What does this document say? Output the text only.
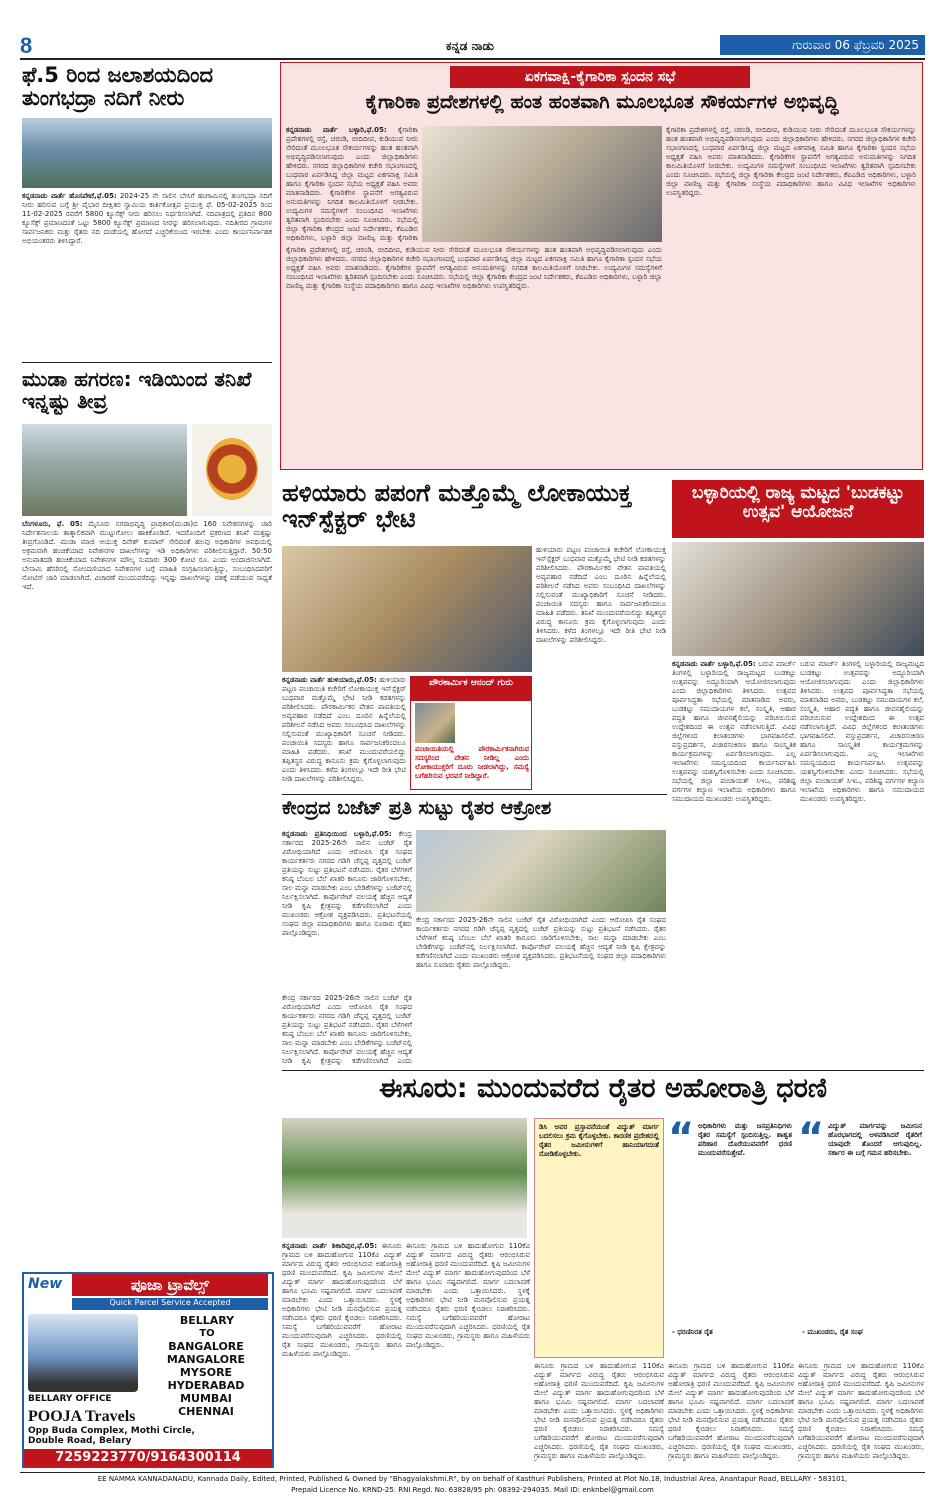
8	ಕನ್ನಡ ನಾಡು	ಗುರುವಾರ 06 ಫೆಬ್ರವರಿ 2025
ಫೆ.5 ರಿಂದ ಜಲಾಶಯದಿಂದ ತುಂಗಭದ್ರಾ ನದಿಗೆ ನೀರು
ಕನ್ನಡನಾಡು ವಾರ್ತೆ ಹೊಸಪೇಟೆ,ಫೆ.05: 2024-25 ನೇ ಸಾಲಿನ ಬೇಸಿಗೆ ಹಂಗಾಮಿನಲ್ಲಿ ತುಂಗಭದ್ರಾ ನದಿಗೆ ನೀರು ಹರಿಸುವ ಬಗ್ಗೆ ಶ್ರೀ ವೈಭಾರ ದೀಕ್ಷಿತರ ಸ್ವಾಮಿಯ ಕಾರ್ತಿಕೋತ್ಸವ ಪ್ರಯುಕ್ತ ಫೆ. 05-02-2025 ರಿಂದ 11-02-2025 ರವರೆಗೆ 5800 ಕ್ಯೂಸೆಕ್ಸ್ ನೀರು ಹರಿಸಲು ನಿರ್ಧರಿಸಲಾಗಿದೆ. ನದಿಪಾತ್ರದಲ್ಲಿ ಪ್ರತಿದಿನ 800 ಕ್ಯೂಸೆಕ್ಸ್ ಪ್ರಮಾಣದಂತೆ ಒಟ್ಟು 5800 ಕ್ಯೂಸೆಕ್ಸ್ ಪ್ರಮಾಣದ ನೀರನ್ನು ಹರಿಸಲಾಗುವುದು. ನದಿತೀರದ ಗ್ರಾಮಗಳ ಸಾರ್ವಜನಿಕರು ಮತ್ತು ರೈತರು ನದಿ ದಂಡೆಯಲ್ಲಿ ಹೋಗದೆ ಎಚ್ಚರಿಕೆಯಿಂದ ಇರಬೇಕು ಎಂದು ಕಾರ್ಯನಿರ್ವಾಹಕ ಅಭಿಯಂತರರು ತಿಳಿಸಿದ್ದಾರೆ.
ಮುಡಾ ಹಗರಣ: ಇಡಿಯಿಂದ ತನಿಖೆ ಇನ್ನಷ್ಟು ತೀವ್ರ
ಬೆಂಗಳೂರು, ಫೆ. 05: ಮೈಸೂರು ನಗರಾಭಿವೃದ್ಧಿ ಪ್ರಾಧಿಕಾರ(ಮುಡಾ)ದ 160 ನಿವೇಶನಗಳನ್ನು ಜಾರಿ ನಿರ್ದೇಶನಾಲಯ ತಾತ್ಕಾಲಿಕವಾಗಿ ಮುಟ್ಟುಗೋಲು ಹಾಕಿಕೊಂಡಿದೆ. ಇದರೊಂದಿಗೆ ಪ್ರಕರಣದ ತನಿಖೆ ಮತ್ತಷ್ಟು ತೀವ್ರಗೊಂಡಿದೆ. ಮುಡಾ ಮಾಜಿ ಆಯುಕ್ತ ದಿನೇಶ್ ಕುಮಾರ್ ಸೇರಿದಂತೆ ಹಲವು ಅಧಿಕಾರಿಗಳ ಅವಧಿಯಲ್ಲಿ ಅಕ್ರಮವಾಗಿ ಹಂಚಿಕೆಯಾದ ನಿವೇಶನಗಳ ದಾಖಲೆಗಳನ್ನು ಇಡಿ ಅಧಿಕಾರಿಗಳು ಪರಿಶೀಲಿಸುತ್ತಿದ್ದಾರೆ. 50:50 ಅನುಪಾತದಡಿ ಹಂಚಿಕೆಯಾದ ನಿವೇಶನಗಳ ಮೌಲ್ಯ ಸುಮಾರು 300 ಕೋಟಿ ರೂ. ಎಂದು ಅಂದಾಜಿಸಲಾಗಿದೆ. ಬೇನಾಮಿ ಹೆಸರಿನಲ್ಲಿ ನೋಂದಣಿಯಾದ ನಿವೇಶನಗಳ ಬಗ್ಗೆ ಮಾಹಿತಿ ಸಂಗ್ರಹಿಸಲಾಗುತ್ತಿದ್ದು, ಸಂಬಂಧಿಸಿದವರಿಗೆ ನೋಟಿಸ್ ಜಾರಿ ಮಾಡಲಾಗಿದೆ. ವಿಚಾರಣೆ ಮುಂದುವರೆದಿದ್ದು ಇನ್ನಷ್ಟು ದಾಖಲೆಗಳನ್ನು ವಶಕ್ಕೆ ಪಡೆಯುವ ಸಾಧ್ಯತೆ ಇದೆ.
New	ಪೂಜಾ ಟ್ರಾವೆಲ್ಸ್
Quick Parcel Service Accepted
BELLARY
TO
BANGALORE
MANGALORE
MYSORE
HYDERABAD
MUMBAI
CHENNAI
BELLARY OFFICE
POOJA Travels
Opp Buda Complex, Mothi Circle,
Double Road, Belary
7259223770/9164300114
ಏಕಗವಾಕ್ಷಿ-ಕೈಗಾರಿಕಾ ಸ್ಪಂದನ ಸಭೆ
ಕೈಗಾರಿಕಾ ಪ್ರದೇಶಗಳಲ್ಲಿ ಹಂತ ಹಂತವಾಗಿ ಮೂಲಭೂತ ಸೌಕರ್ಯಗಳ ಅಭಿವೃದ್ಧಿ
ಕನ್ನಡನಾಡು ವಾರ್ತೆ ಬಳ್ಳಾರಿ,ಫೆ.05: ಕೈಗಾರಿಕಾ ಪ್ರದೇಶಗಳಲ್ಲಿ ರಸ್ತೆ, ಚರಂಡಿ, ಬೀದಿದೀಪ, ಕುಡಿಯುವ ನೀರು ಸೇರಿದಂತೆ ಮೂಲಭೂತ ಸೌಕರ್ಯಗಳನ್ನು ಹಂತ ಹಂತವಾಗಿ ಅಭಿವೃದ್ಧಿಪಡಿಸಲಾಗುವುದು ಎಂದು ಜಿಲ್ಲಾಧಿಕಾರಿಗಳು ಹೇಳಿದರು. ನಗರದ ಜಿಲ್ಲಾಧಿಕಾರಿಗಳ ಕಚೇರಿ ಸಭಾಂಗಣದಲ್ಲಿ ಬುಧವಾರ ಏರ್ಪಡಿಸಿದ್ದ ಜಿಲ್ಲಾ ಮಟ್ಟದ ಏಕಗವಾಕ್ಷಿ ಸಮಿತಿ ಹಾಗೂ ಕೈಗಾರಿಕಾ ಸ್ಪಂದನ ಸಭೆಯ ಅಧ್ಯಕ್ಷತೆ ವಹಿಸಿ ಅವರು ಮಾತನಾಡಿದರು. ಕೈಗಾರಿಕೆಗಳ ಸ್ಥಾಪನೆಗೆ ಅಗತ್ಯವಿರುವ ಅನುಮತಿಗಳನ್ನು ನಿಗದಿತ ಕಾಲಮಿತಿಯೊಳಗೆ ನೀಡಬೇಕು. ಉದ್ಯಮಿಗಳ ಸಮಸ್ಯೆಗಳಿಗೆ ಸಂಬಂಧಿಸಿದ ಇಲಾಖೆಗಳು ತ್ವರಿತವಾಗಿ ಸ್ಪಂದಿಸಬೇಕು ಎಂದು ಸೂಚಿಸಿದರು. ಸಭೆಯಲ್ಲಿ ಜಿಲ್ಲಾ ಕೈಗಾರಿಕಾ ಕೇಂದ್ರದ ಜಂಟಿ ನಿರ್ದೇಶಕರು, ಕೆಐಎಡಿಬಿ ಅಧಿಕಾರಿಗಳು, ಬಳ್ಳಾರಿ ಜಿಲ್ಲಾ ವಾಣಿಜ್ಯ ಮತ್ತು ಕೈಗಾರಿಕಾ
ಕೈಗಾರಿಕಾ ಪ್ರದೇಶಗಳಲ್ಲಿ ರಸ್ತೆ, ಚರಂಡಿ, ಬೀದಿದೀಪ, ಕುಡಿಯುವ ನೀರು ಸೇರಿದಂತೆ ಮೂಲಭೂತ ಸೌಕರ್ಯಗಳನ್ನು ಹಂತ ಹಂತವಾಗಿ ಅಭಿವೃದ್ಧಿಪಡಿಸಲಾಗುವುದು ಎಂದು ಜಿಲ್ಲಾಧಿಕಾರಿಗಳು ಹೇಳಿದರು. ನಗರದ ಜಿಲ್ಲಾಧಿಕಾರಿಗಳ ಕಚೇರಿ ಸಭಾಂಗಣದಲ್ಲಿ ಬುಧವಾರ ಏರ್ಪಡಿಸಿದ್ದ ಜಿಲ್ಲಾ ಮಟ್ಟದ ಏಕಗವಾಕ್ಷಿ ಸಮಿತಿ ಹಾಗೂ ಕೈಗಾರಿಕಾ ಸ್ಪಂದನ ಸಭೆಯ ಅಧ್ಯಕ್ಷತೆ ವಹಿಸಿ ಅವರು ಮಾತನಾಡಿದರು. ಕೈಗಾರಿಕೆಗಳ ಸ್ಥಾಪನೆಗೆ ಅಗತ್ಯವಿರುವ ಅನುಮತಿಗಳನ್ನು ನಿಗದಿತ ಕಾಲಮಿತಿಯೊಳಗೆ ನೀಡಬೇಕು. ಉದ್ಯಮಿಗಳ ಸಮಸ್ಯೆಗಳಿಗೆ ಸಂಬಂಧಿಸಿದ ಇಲಾಖೆಗಳು ತ್ವರಿತವಾಗಿ ಸ್ಪಂದಿಸಬೇಕು ಎಂದು ಸೂಚಿಸಿದರು. ಸಭೆಯಲ್ಲಿ ಜಿಲ್ಲಾ ಕೈಗಾರಿಕಾ ಕೇಂದ್ರದ ಜಂಟಿ ನಿರ್ದೇಶಕರು, ಕೆಐಎಡಿಬಿ ಅಧಿಕಾರಿಗಳು, ಬಳ್ಳಾರಿ ಜಿಲ್ಲಾ ವಾಣಿಜ್ಯ ಮತ್ತು ಕೈಗಾರಿಕಾ ಸಂಸ್ಥೆಯ ಪದಾಧಿಕಾರಿಗಳು ಹಾಗೂ ವಿವಿಧ ಇಲಾಖೆಗಳ ಅಧಿಕಾರಿಗಳು ಉಪಸ್ಥಿತರಿದ್ದರು.
ಕೈಗಾರಿಕಾ ಪ್ರದೇಶಗಳಲ್ಲಿ ರಸ್ತೆ, ಚರಂಡಿ, ಬೀದಿದೀಪ, ಕುಡಿಯುವ ನೀರು ಸೇರಿದಂತೆ ಮೂಲಭೂತ ಸೌಕರ್ಯಗಳನ್ನು ಹಂತ ಹಂತವಾಗಿ ಅಭಿವೃದ್ಧಿಪಡಿಸಲಾಗುವುದು ಎಂದು ಜಿಲ್ಲಾಧಿಕಾರಿಗಳು ಹೇಳಿದರು. ನಗರದ ಜಿಲ್ಲಾಧಿಕಾರಿಗಳ ಕಚೇರಿ ಸಭಾಂಗಣದಲ್ಲಿ ಬುಧವಾರ ಏರ್ಪಡಿಸಿದ್ದ ಜಿಲ್ಲಾ ಮಟ್ಟದ ಏಕಗವಾಕ್ಷಿ ಸಮಿತಿ ಹಾಗೂ ಕೈಗಾರಿಕಾ ಸ್ಪಂದನ ಸಭೆಯ ಅಧ್ಯಕ್ಷತೆ ವಹಿಸಿ ಅವರು ಮಾತನಾಡಿದರು. ಕೈಗಾರಿಕೆಗಳ ಸ್ಥಾಪನೆಗೆ ಅಗತ್ಯವಿರುವ ಅನುಮತಿಗಳನ್ನು ನಿಗದಿತ ಕಾಲಮಿತಿಯೊಳಗೆ ನೀಡಬೇಕು. ಉದ್ಯಮಿಗಳ ಸಮಸ್ಯೆಗಳಿಗೆ ಸಂಬಂಧಿಸಿದ ಇಲಾಖೆಗಳು ತ್ವರಿತವಾಗಿ ಸ್ಪಂದಿಸಬೇಕು ಎಂದು ಸೂಚಿಸಿದರು. ಸಭೆಯಲ್ಲಿ ಜಿಲ್ಲಾ ಕೈಗಾರಿಕಾ ಕೇಂದ್ರದ ಜಂಟಿ ನಿರ್ದೇಶಕರು, ಕೆಐಎಡಿಬಿ ಅಧಿಕಾರಿಗಳು, ಬಳ್ಳಾರಿ ಜಿಲ್ಲಾ ವಾಣಿಜ್ಯ ಮತ್ತು ಕೈಗಾರಿಕಾ ಸಂಸ್ಥೆಯ ಪದಾಧಿಕಾರಿಗಳು ಹಾಗೂ ವಿವಿಧ ಇಲಾಖೆಗಳ ಅಧಿಕಾರಿಗಳು ಉಪಸ್ಥಿತರಿದ್ದರು.
ಹಳಿಯಾರು ಪಪಂಗೆ ಮತ್ತೊಮ್ಮೆ ಲೋಕಾಯುಕ್ತ ಇನ್‌ಸ್ಪೆಕ್ಟರ್ ಭೇಟಿ
ಹುಳಿಯಾರು ಪಟ್ಟಣ ಪಂಚಾಯಿತಿ ಕಚೇರಿಗೆ ಲೋಕಾಯುಕ್ತ ಇನ್‌ಸ್ಪೆಕ್ಟರ್ ಬುಧವಾರ ಮತ್ತೊಮ್ಮೆ ಭೇಟಿ ನೀಡಿ ಕಡತಗಳನ್ನು ಪರಿಶೀಲಿಸಿದರು. ಪೌರಕಾರ್ಮಿಕರ ವೇತನ ಪಾವತಿಯಲ್ಲಿ ಅವ್ಯವಹಾರ ನಡೆದಿದೆ ಎಂಬ ದೂರಿನ ಹಿನ್ನೆಲೆಯಲ್ಲಿ ಪರಿಶೀಲನೆ ನಡೆಸಿದ ಅವರು ಸಂಬಂಧಿಸಿದ ದಾಖಲೆಗಳನ್ನು ಸಲ್ಲಿಸುವಂತೆ ಮುಖ್ಯಾಧಿಕಾರಿಗೆ ಸೂಚನೆ ನೀಡಿದರು. ಪಂಚಾಯಿತಿ ಸದಸ್ಯರು ಹಾಗೂ ಸಾರ್ವಜನಿಕರಿಂದಲೂ ಮಾಹಿತಿ ಪಡೆದರು. ತನಿಖೆ ಮುಂದುವರೆಯಲಿದ್ದು ತಪ್ಪಿತಸ್ಥರ ವಿರುದ್ಧ ಕಾನೂನು ಕ್ರಮ ಕೈಗೊಳ್ಳಲಾಗುವುದು ಎಂದು ತಿಳಿಸಿದರು. ಕಳೆದ ತಿಂಗಳಲ್ಲೂ ಇದೇ ರೀತಿ ಭೇಟಿ ನೀಡಿ ದಾಖಲೆಗಳನ್ನು ಪರಿಶೀಲಿಸಿದ್ದರು.
ಕನ್ನಡನಾಡು ವಾರ್ತೆ ಹುಳಿಯಾರು,ಫೆ.05: ಹುಳಿಯಾರು ಪಟ್ಟಣ ಪಂಚಾಯಿತಿ ಕಚೇರಿಗೆ ಲೋಕಾಯುಕ್ತ ಇನ್‌ಸ್ಪೆಕ್ಟರ್ ಬುಧವಾರ ಮತ್ತೊಮ್ಮೆ ಭೇಟಿ ನೀಡಿ ಕಡತಗಳನ್ನು ಪರಿಶೀಲಿಸಿದರು. ಪೌರಕಾರ್ಮಿಕರ ವೇತನ ಪಾವತಿಯಲ್ಲಿ ಅವ್ಯವಹಾರ ನಡೆದಿದೆ ಎಂಬ ದೂರಿನ ಹಿನ್ನೆಲೆಯಲ್ಲಿ ಪರಿಶೀಲನೆ ನಡೆಸಿದ ಅವರು ಸಂಬಂಧಿಸಿದ ದಾಖಲೆಗಳನ್ನು ಸಲ್ಲಿಸುವಂತೆ ಮುಖ್ಯಾಧಿಕಾರಿಗೆ ಸೂಚನೆ ನೀಡಿದರು. ಪಂಚಾಯಿತಿ ಸದಸ್ಯರು ಹಾಗೂ ಸಾರ್ವಜನಿಕರಿಂದಲೂ ಮಾಹಿತಿ ಪಡೆದರು. ತನಿಖೆ ಮುಂದುವರೆಯಲಿದ್ದು ತಪ್ಪಿತಸ್ಥರ ವಿರುದ್ಧ ಕಾನೂನು ಕ್ರಮ ಕೈಗೊಳ್ಳಲಾಗುವುದು ಎಂದು ತಿಳಿಸಿದರು. ಕಳೆದ ತಿಂಗಳಲ್ಲೂ ಇದೇ ರೀತಿ ಭೇಟಿ ನೀಡಿ ದಾಖಲೆಗಳನ್ನು ಪರಿಶೀಲಿಸಿದ್ದರು.
ಪೌರಕಾರ್ಮಿಕ ಆನಂದ್ ಗುರು
ಪಂಚಾಯಿತಿಯಲ್ಲಿ ಪೌರಕಾರ್ಮಿಕನಾಗಿರುವ ಸದಸ್ಯರಿಂದ ವೇತನ ನೀಡಿಲ್ಲ ಎಂದು ಲೋಕಾಯುಕ್ತರಿಗೆ ದೂರು ನೀಡಲಾಗಿದ್ದು, ಸಮಸ್ಯೆ ಬಗೆಹರಿಸುವ ಭರವಸೆ ನೀಡಿದ್ದಾರೆ.
ಕೇಂದ್ರದ ಬಜೆಟ್ ಪ್ರತಿ ಸುಟ್ಟು ರೈತರ ಆಕ್ರೋಶ
ಕನ್ನಡನಾಡು ಪ್ರತಿನಿಧಿಯಿಂದ ಬಳ್ಳಾರಿ,ಫೆ.05: ಕೇಂದ್ರ ಸರ್ಕಾರದ 2025-26ನೇ ಸಾಲಿನ ಬಜೆಟ್ ರೈತ ವಿರೋಧಿಯಾಗಿದೆ ಎಂದು ಆರೋಪಿಸಿ ರೈತ ಸಂಘದ ಕಾರ್ಯಕರ್ತರು ನಗರದ ಗಡಿಗಿ ಚೆನ್ನಪ್ಪ ವೃತ್ತದಲ್ಲಿ ಬಜೆಟ್ ಪ್ರತಿಯನ್ನು ಸುಟ್ಟು ಪ್ರತಿಭಟನೆ ನಡೆಸಿದರು. ರೈತರ ಬೆಳೆಗಳಿಗೆ ಕನಿಷ್ಠ ಬೆಂಬಲ ಬೆಲೆ ಖಾತರಿ ಕಾನೂನು ಜಾರಿಗೊಳಿಸಬೇಕು, ಸಾಲ ಮನ್ನಾ ಮಾಡಬೇಕು ಎಂಬ ಬೇಡಿಕೆಗಳನ್ನು ಬಜೆಟ್‌ನಲ್ಲಿ ನಿರ್ಲಕ್ಷಿಸಲಾಗಿದೆ. ಕಾರ್ಪೊರೇಟ್ ವಲಯಕ್ಕೆ ಹೆಚ್ಚಿನ ಆದ್ಯತೆ ನೀಡಿ ಕೃಷಿ ಕ್ಷೇತ್ರವನ್ನು ಕಡೆಗಣಿಸಲಾಗಿದೆ ಎಂದು ಮುಖಂಡರು ಆಕ್ರೋಶ ವ್ಯಕ್ತಪಡಿಸಿದರು. ಪ್ರತಿಭಟನೆಯಲ್ಲಿ ಸಂಘದ ಜಿಲ್ಲಾ ಪದಾಧಿಕಾರಿಗಳು ಹಾಗೂ ನೂರಾರು ರೈತರು ಪಾಲ್ಗೊಂಡಿದ್ದರು.
ಕೇಂದ್ರ ಸರ್ಕಾರದ 2025-26ನೇ ಸಾಲಿನ ಬಜೆಟ್ ರೈತ ವಿರೋಧಿಯಾಗಿದೆ ಎಂದು ಆರೋಪಿಸಿ ರೈತ ಸಂಘದ ಕಾರ್ಯಕರ್ತರು ನಗರದ ಗಡಿಗಿ ಚೆನ್ನಪ್ಪ ವೃತ್ತದಲ್ಲಿ ಬಜೆಟ್ ಪ್ರತಿಯನ್ನು ಸುಟ್ಟು ಪ್ರತಿಭಟನೆ ನಡೆಸಿದರು. ರೈತರ ಬೆಳೆಗಳಿಗೆ ಕನಿಷ್ಠ ಬೆಂಬಲ ಬೆಲೆ ಖಾತರಿ ಕಾನೂನು ಜಾರಿಗೊಳಿಸಬೇಕು, ಸಾಲ ಮನ್ನಾ ಮಾಡಬೇಕು ಎಂಬ ಬೇಡಿಕೆಗಳನ್ನು ಬಜೆಟ್‌ನಲ್ಲಿ ನಿರ್ಲಕ್ಷಿಸಲಾಗಿದೆ. ಕಾರ್ಪೊರೇಟ್ ವಲಯಕ್ಕೆ ಹೆಚ್ಚಿನ ಆದ್ಯತೆ ನೀಡಿ ಕೃಷಿ ಕ್ಷೇತ್ರವನ್ನು ಕಡೆಗಣಿಸಲಾಗಿದೆ ಎಂದು ಮುಖಂಡರು ಆಕ್ರೋಶ ವ್ಯಕ್ತಪಡಿಸಿದರು. ಪ್ರತಿಭಟನೆಯಲ್ಲಿ ಸಂಘದ ಜಿಲ್ಲಾ ಪದಾಧಿಕಾರಿಗಳು ಹಾಗೂ ನೂರಾರು ರೈತರು ಪಾಲ್ಗೊಂಡಿದ್ದರು.
ಕೇಂದ್ರ ಸರ್ಕಾರದ 2025-26ನೇ ಸಾಲಿನ ಬಜೆಟ್ ರೈತ ವಿರೋಧಿಯಾಗಿದೆ ಎಂದು ಆರೋಪಿಸಿ ರೈತ ಸಂಘದ ಕಾರ್ಯಕರ್ತರು ನಗರದ ಗಡಿಗಿ ಚೆನ್ನಪ್ಪ ವೃತ್ತದಲ್ಲಿ ಬಜೆಟ್ ಪ್ರತಿಯನ್ನು ಸುಟ್ಟು ಪ್ರತಿಭಟನೆ ನಡೆಸಿದರು. ರೈತರ ಬೆಳೆಗಳಿಗೆ ಕನಿಷ್ಠ ಬೆಂಬಲ ಬೆಲೆ ಖಾತರಿ ಕಾನೂನು ಜಾರಿಗೊಳಿಸಬೇಕು, ಸಾಲ ಮನ್ನಾ ಮಾಡಬೇಕು ಎಂಬ ಬೇಡಿಕೆಗಳನ್ನು ಬಜೆಟ್‌ನಲ್ಲಿ ನಿರ್ಲಕ್ಷಿಸಲಾಗಿದೆ. ಕಾರ್ಪೊರೇಟ್ ವಲಯಕ್ಕೆ ಹೆಚ್ಚಿನ ಆದ್ಯತೆ ನೀಡಿ ಕೃಷಿ ಕ್ಷೇತ್ರವನ್ನು ಕಡೆಗಣಿಸಲಾಗಿದೆ ಎಂದು
ಬಳ್ಳಾರಿಯಲ್ಲಿ ರಾಜ್ಯ ಮಟ್ಟದ 'ಬುಡಕಟ್ಟು ಉತ್ಸವ' ಆಯೋಜನೆ
ಕನ್ನಡನಾಡು ವಾರ್ತೆ ಬಳ್ಳಾರಿ,ಫೆ.05: ಬರುವ ಮಾರ್ಚ್ ತಿಂಗಳಲ್ಲಿ ಬಳ್ಳಾರಿಯಲ್ಲಿ ರಾಜ್ಯಮಟ್ಟದ ಬುಡಕಟ್ಟು ಉತ್ಸವವನ್ನು ಅದ್ದೂರಿಯಾಗಿ ಆಯೋಜಿಸಲಾಗುವುದು ಎಂದು ಜಿಲ್ಲಾಧಿಕಾರಿಗಳು ತಿಳಿಸಿದರು. ಉತ್ಸವದ ಪೂರ್ವಸಿದ್ಧತಾ ಸಭೆಯಲ್ಲಿ ಮಾತನಾಡಿದ ಅವರು, ಬುಡಕಟ್ಟು ಸಮುದಾಯಗಳ ಕಲೆ, ಸಂಸ್ಕೃತಿ, ಆಹಾರ ಪದ್ಧತಿ ಹಾಗೂ ಜೀವನಶೈಲಿಯನ್ನು ಪರಿಚಯಿಸುವ ಉದ್ದೇಶದಿಂದ ಈ ಉತ್ಸವ ನಡೆಸಲಾಗುತ್ತಿದೆ. ವಿವಿಧ ಜಿಲ್ಲೆಗಳಿಂದ ಕಲಾತಂಡಗಳು ಭಾಗವಹಿಸಲಿವೆ. ವಸ್ತುಪ್ರದರ್ಶನ, ವಿಚಾರಸಂಕಿರಣ ಹಾಗೂ ಸಾಂಸ್ಕೃತಿಕ ಕಾರ್ಯಕ್ರಮಗಳನ್ನು ಏರ್ಪಡಿಸಲಾಗುವುದು. ಎಲ್ಲ ಇಲಾಖೆಗಳು ಸಮನ್ವಯದಿಂದ ಕಾರ್ಯನಿರ್ವಹಿಸಿ ಉತ್ಸವವನ್ನು ಯಶಸ್ವಿಗೊಳಿಸಬೇಕು ಎಂದು ಸೂಚಿಸಿದರು. ಸಭೆಯಲ್ಲಿ ಜಿಲ್ಲಾ ಪಂಚಾಯತ್ ಸಿಇಒ, ಪರಿಶಿಷ್ಟ ವರ್ಗಗಳ ಕಲ್ಯಾಣ ಇಲಾಖೆಯ ಅಧಿಕಾರಿಗಳು ಹಾಗೂ ಸಮುದಾಯದ ಮುಖಂಡರು ಉಪಸ್ಥಿತರಿದ್ದರು.
ಬರುವ ಮಾರ್ಚ್ ತಿಂಗಳಲ್ಲಿ ಬಳ್ಳಾರಿಯಲ್ಲಿ ರಾಜ್ಯಮಟ್ಟದ ಬುಡಕಟ್ಟು ಉತ್ಸವವನ್ನು ಅದ್ದೂರಿಯಾಗಿ ಆಯೋಜಿಸಲಾಗುವುದು ಎಂದು ಜಿಲ್ಲಾಧಿಕಾರಿಗಳು ತಿಳಿಸಿದರು. ಉತ್ಸವದ ಪೂರ್ವಸಿದ್ಧತಾ ಸಭೆಯಲ್ಲಿ ಮಾತನಾಡಿದ ಅವರು, ಬುಡಕಟ್ಟು ಸಮುದಾಯಗಳ ಕಲೆ, ಸಂಸ್ಕೃತಿ, ಆಹಾರ ಪದ್ಧತಿ ಹಾಗೂ ಜೀವನಶೈಲಿಯನ್ನು ಪರಿಚಯಿಸುವ ಉದ್ದೇಶದಿಂದ ಈ ಉತ್ಸವ ನಡೆಸಲಾಗುತ್ತಿದೆ. ವಿವಿಧ ಜಿಲ್ಲೆಗಳಿಂದ ಕಲಾತಂಡಗಳು ಭಾಗವಹಿಸಲಿವೆ. ವಸ್ತುಪ್ರದರ್ಶನ, ವಿಚಾರಸಂಕಿರಣ ಹಾಗೂ ಸಾಂಸ್ಕೃತಿಕ ಕಾರ್ಯಕ್ರಮಗಳನ್ನು ಏರ್ಪಡಿಸಲಾಗುವುದು. ಎಲ್ಲ ಇಲಾಖೆಗಳು ಸಮನ್ವಯದಿಂದ ಕಾರ್ಯನಿರ್ವಹಿಸಿ ಉತ್ಸವವನ್ನು ಯಶಸ್ವಿಗೊಳಿಸಬೇಕು ಎಂದು ಸೂಚಿಸಿದರು. ಸಭೆಯಲ್ಲಿ ಜಿಲ್ಲಾ ಪಂಚಾಯತ್ ಸಿಇಒ, ಪರಿಶಿಷ್ಟ ವರ್ಗಗಳ ಕಲ್ಯಾಣ ಇಲಾಖೆಯ ಅಧಿಕಾರಿಗಳು ಹಾಗೂ ಸಮುದಾಯದ ಮುಖಂಡರು ಉಪಸ್ಥಿತರಿದ್ದರು.
ಈಸೂರು: ಮುಂದುವರೆದ ರೈತರ ಅಹೋರಾತ್ರಿ ಧರಣಿ
ಕನ್ನಡನಾಡು ವಾರ್ತೆ ಶಿಕಾರಿಪುರ,ಫೆ.05: ಈಸೂರು ಗ್ರಾಮದ ಬಳಿ ಹಾದುಹೋಗುವ 110ಕೆವಿ ವಿದ್ಯುತ್ ಮಾರ್ಗದ ವಿರುದ್ಧ ರೈತರು ಆರಂಭಿಸಿರುವ ಅಹೋರಾತ್ರಿ ಧರಣಿ ಮುಂದುವರೆದಿದೆ. ಕೃಷಿ ಜಮೀನುಗಳ ಮೇಲೆ ವಿದ್ಯುತ್ ಮಾರ್ಗ ಹಾದುಹೋಗುವುದರಿಂದ ಬೆಳೆ ಹಾಗೂ ಭೂಮಿ ನಷ್ಟವಾಗಲಿದೆ. ಮಾರ್ಗ ಬದಲಾವಣೆ ಮಾಡಬೇಕು ಎಂದು ಒತ್ತಾಯಿಸಿದರು. ಸ್ಥಳಕ್ಕೆ ಅಧಿಕಾರಿಗಳು ಭೇಟಿ ನೀಡಿ ಮನವೊಲಿಸುವ ಪ್ರಯತ್ನ ನಡೆಸಿದರೂ ರೈತರು ಧರಣಿ ಕೈಬಿಡಲು ನಿರಾಕರಿಸಿದರು. ಸಮಸ್ಯೆ ಬಗೆಹರಿಯುವವರೆಗೆ ಹೋರಾಟ ಮುಂದುವರೆಸುವುದಾಗಿ ಎಚ್ಚರಿಸಿದರು. ಧರಣಿಯಲ್ಲಿ ರೈತ ಸಂಘದ ಮುಖಂಡರು, ಗ್ರಾಮಸ್ಥರು ಹಾಗೂ ಮಹಿಳೆಯರು ಪಾಲ್ಗೊಂಡಿದ್ದರು.
ಈಸೂರು ಗ್ರಾಮದ ಬಳಿ ಹಾದುಹೋಗುವ 110ಕೆವಿ ವಿದ್ಯುತ್ ಮಾರ್ಗದ ವಿರುದ್ಧ ರೈತರು ಆರಂಭಿಸಿರುವ ಅಹೋರಾತ್ರಿ ಧರಣಿ ಮುಂದುವರೆದಿದೆ. ಕೃಷಿ ಜಮೀನುಗಳ ಮೇಲೆ ವಿದ್ಯುತ್ ಮಾರ್ಗ ಹಾದುಹೋಗುವುದರಿಂದ ಬೆಳೆ ಹಾಗೂ ಭೂಮಿ ನಷ್ಟವಾಗಲಿದೆ. ಮಾರ್ಗ ಬದಲಾವಣೆ ಮಾಡಬೇಕು ಎಂದು ಒತ್ತಾಯಿಸಿದರು. ಸ್ಥಳಕ್ಕೆ ಅಧಿಕಾರಿಗಳು ಭೇಟಿ ನೀಡಿ ಮನವೊಲಿಸುವ ಪ್ರಯತ್ನ ನಡೆಸಿದರೂ ರೈತರು ಧರಣಿ ಕೈಬಿಡಲು ನಿರಾಕರಿಸಿದರು. ಸಮಸ್ಯೆ ಬಗೆಹರಿಯುವವರೆಗೆ ಹೋರಾಟ ಮುಂದುವರೆಸುವುದಾಗಿ ಎಚ್ಚರಿಸಿದರು. ಧರಣಿಯಲ್ಲಿ ರೈತ ಸಂಘದ ಮುಖಂಡರು, ಗ್ರಾಮಸ್ಥರು ಹಾಗೂ ಮಹಿಳೆಯರು ಪಾಲ್ಗೊಂಡಿದ್ದರು.
ಡಿಸಿ ಅವರ ಪ್ರಸ್ತಾವನೆಯಂತೆ ವಿದ್ಯುತ್ ಮಾರ್ಗ ಬದಲಿಸಲು ಕ್ರಮ ಕೈಗೊಳ್ಳಬೇಕು. ಕಾರಣಿಕ ಪ್ರದೇಶದಲ್ಲಿ ರೈತರ ಜಮೀನುಗಳಿಗೆ ಹಾನಿಯಾಗದಂತೆ ನೋಡಿಕೊಳ್ಳಬೇಕು.	“ ಅಧಿಕಾರಿಗಳು ಮತ್ತು ಜನಪ್ರತಿನಿಧಿಗಳು ರೈತರ ಸಮಸ್ಯೆಗೆ ಸ್ಪಂದಿಸುತ್ತಿಲ್ಲ. ಶಾಶ್ವತ ಪರಿಹಾರ ದೊರೆಯುವವರೆಗೆ ಧರಣಿ ಮುಂದುವರೆಸುತ್ತೇವೆ.
- ಧರಣಿನಿರತ ರೈತ
“ ವಿದ್ಯುತ್ ಮಾರ್ಗವನ್ನು ಜಮೀನಿನ ಹೊರಭಾಗದಲ್ಲಿ ಅಳವಡಿಸಿದರೆ ರೈತರಿಗೆ ಯಾವುದೇ ತೊಂದರೆ ಆಗುವುದಿಲ್ಲ. ಸರ್ಕಾರ ಈ ಬಗ್ಗೆ ಗಮನ ಹರಿಸಬೇಕು.
- ಮುಖಂಡರು, ರೈತ ಸಂಘ
ಈಸೂರು ಗ್ರಾಮದ ಬಳಿ ಹಾದುಹೋಗುವ 110ಕೆವಿ ವಿದ್ಯುತ್ ಮಾರ್ಗದ ವಿರುದ್ಧ ರೈತರು ಆರಂಭಿಸಿರುವ ಅಹೋರಾತ್ರಿ ಧರಣಿ ಮುಂದುವರೆದಿದೆ. ಕೃಷಿ ಜಮೀನುಗಳ ಮೇಲೆ ವಿದ್ಯುತ್ ಮಾರ್ಗ ಹಾದುಹೋಗುವುದರಿಂದ ಬೆಳೆ ಹಾಗೂ ಭೂಮಿ ನಷ್ಟವಾಗಲಿದೆ. ಮಾರ್ಗ ಬದಲಾವಣೆ ಮಾಡಬೇಕು ಎಂದು ಒತ್ತಾಯಿಸಿದರು. ಸ್ಥಳಕ್ಕೆ ಅಧಿಕಾರಿಗಳು ಭೇಟಿ ನೀಡಿ ಮನವೊಲಿಸುವ ಪ್ರಯತ್ನ ನಡೆಸಿದರೂ ರೈತರು ಧರಣಿ ಕೈಬಿಡಲು ನಿರಾಕರಿಸಿದರು. ಸಮಸ್ಯೆ ಬಗೆಹರಿಯುವವರೆಗೆ ಹೋರಾಟ ಮುಂದುವರೆಸುವುದಾಗಿ ಎಚ್ಚರಿಸಿದರು. ಧರಣಿಯಲ್ಲಿ ರೈತ ಸಂಘದ ಮುಖಂಡರು, ಗ್ರಾಮಸ್ಥರು ಹಾಗೂ ಮಹಿಳೆಯರು ಪಾಲ್ಗೊಂಡಿದ್ದರು.
ಈಸೂರು ಗ್ರಾಮದ ಬಳಿ ಹಾದುಹೋಗುವ 110ಕೆವಿ ವಿದ್ಯುತ್ ಮಾರ್ಗದ ವಿರುದ್ಧ ರೈತರು ಆರಂಭಿಸಿರುವ ಅಹೋರಾತ್ರಿ ಧರಣಿ ಮುಂದುವರೆದಿದೆ. ಕೃಷಿ ಜಮೀನುಗಳ ಮೇಲೆ ವಿದ್ಯುತ್ ಮಾರ್ಗ ಹಾದುಹೋಗುವುದರಿಂದ ಬೆಳೆ ಹಾಗೂ ಭೂಮಿ ನಷ್ಟವಾಗಲಿದೆ. ಮಾರ್ಗ ಬದಲಾವಣೆ ಮಾಡಬೇಕು ಎಂದು ಒತ್ತಾಯಿಸಿದರು. ಸ್ಥಳಕ್ಕೆ ಅಧಿಕಾರಿಗಳು ಭೇಟಿ ನೀಡಿ ಮನವೊಲಿಸುವ ಪ್ರಯತ್ನ ನಡೆಸಿದರೂ ರೈತರು ಧರಣಿ ಕೈಬಿಡಲು ನಿರಾಕರಿಸಿದರು. ಸಮಸ್ಯೆ ಬಗೆಹರಿಯುವವರೆಗೆ ಹೋರಾಟ ಮುಂದುವರೆಸುವುದಾಗಿ ಎಚ್ಚರಿಸಿದರು. ಧರಣಿಯಲ್ಲಿ ರೈತ ಸಂಘದ ಮುಖಂಡರು, ಗ್ರಾಮಸ್ಥರು ಹಾಗೂ ಮಹಿಳೆಯರು ಪಾಲ್ಗೊಂಡಿದ್ದರು.
ಈಸೂರು ಗ್ರಾಮದ ಬಳಿ ಹಾದುಹೋಗುವ 110ಕೆವಿ ವಿದ್ಯುತ್ ಮಾರ್ಗದ ವಿರುದ್ಧ ರೈತರು ಆರಂಭಿಸಿರುವ ಅಹೋರಾತ್ರಿ ಧರಣಿ ಮುಂದುವರೆದಿದೆ. ಕೃಷಿ ಜಮೀನುಗಳ ಮೇಲೆ ವಿದ್ಯುತ್ ಮಾರ್ಗ ಹಾದುಹೋಗುವುದರಿಂದ ಬೆಳೆ ಹಾಗೂ ಭೂಮಿ ನಷ್ಟವಾಗಲಿದೆ. ಮಾರ್ಗ ಬದಲಾವಣೆ ಮಾಡಬೇಕು ಎಂದು ಒತ್ತಾಯಿಸಿದರು. ಸ್ಥಳಕ್ಕೆ ಅಧಿಕಾರಿಗಳು ಭೇಟಿ ನೀಡಿ ಮನವೊಲಿಸುವ ಪ್ರಯತ್ನ ನಡೆಸಿದರೂ ರೈತರು ಧರಣಿ ಕೈಬಿಡಲು ನಿರಾಕರಿಸಿದರು. ಸಮಸ್ಯೆ ಬಗೆಹರಿಯುವವರೆಗೆ ಹೋರಾಟ ಮುಂದುವರೆಸುವುದಾಗಿ ಎಚ್ಚರಿಸಿದರು. ಧರಣಿಯಲ್ಲಿ ರೈತ ಸಂಘದ ಮುಖಂಡರು, ಗ್ರಾಮಸ್ಥರು ಹಾಗೂ ಮಹಿಳೆಯರು ಪಾಲ್ಗೊಂಡಿದ್ದರು.
EE NAMMA KANNADANADU, Kannada Daily, Edited, Printed, Published & Owned by "Bhagyalakshmi.R", by on behalf of Kasthuri Publishers, Printed at Plot No.18, Industrial Area, Anantapur Road, BELLARY - 583101,
Prepaid Licence No. KRND-25. RNI Regd. No. 63828/95 ph: 08392-294035. Mail ID: enknbel@gmail.com
